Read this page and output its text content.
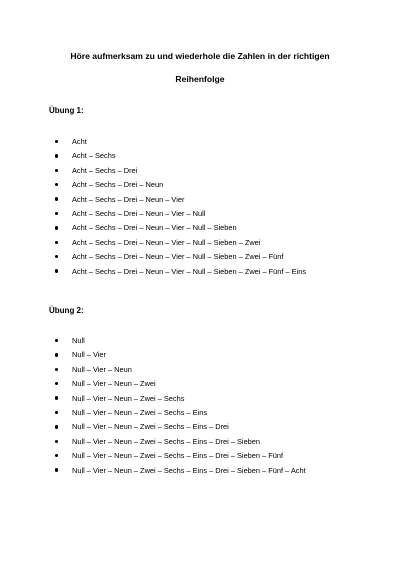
Höre aufmerksam zu und wiederhole die Zahlen in der richtigen
Reihenfolge
Übung 1:
Acht
Acht – Sechs
Acht – Sechs – Drei
Acht – Sechs – Drei – Neun
Acht – Sechs – Drei – Neun – Vier
Acht – Sechs – Drei – Neun – Vier – Null
Acht – Sechs – Drei – Neun – Vier – Null – Sieben
Acht – Sechs – Drei – Neun – Vier – Null – Sieben – Zwei
Acht – Sechs – Drei – Neun – Vier – Null – Sieben – Zwei – Fünf
Acht – Sechs – Drei – Neun – Vier – Null – Sieben – Zwei – Fünf – Eins
Übung 2:
Null
Null – Vier
Null – Vier – Neun
Null – Vier – Neun – Zwei
Null – Vier – Neun – Zwei – Sechs
Null – Vier – Neun – Zwei – Sechs – Eins
Null – Vier – Neun – Zwei – Sechs – Eins – Drei
Null – Vier – Neun – Zwei – Sechs – Eins – Drei – Sieben
Null – Vier – Neun – Zwei – Sechs – Eins – Drei – Sieben – Fünf
Null – Vier – Neun – Zwei – Sechs – Eins – Drei – Sieben – Fünf – Acht
